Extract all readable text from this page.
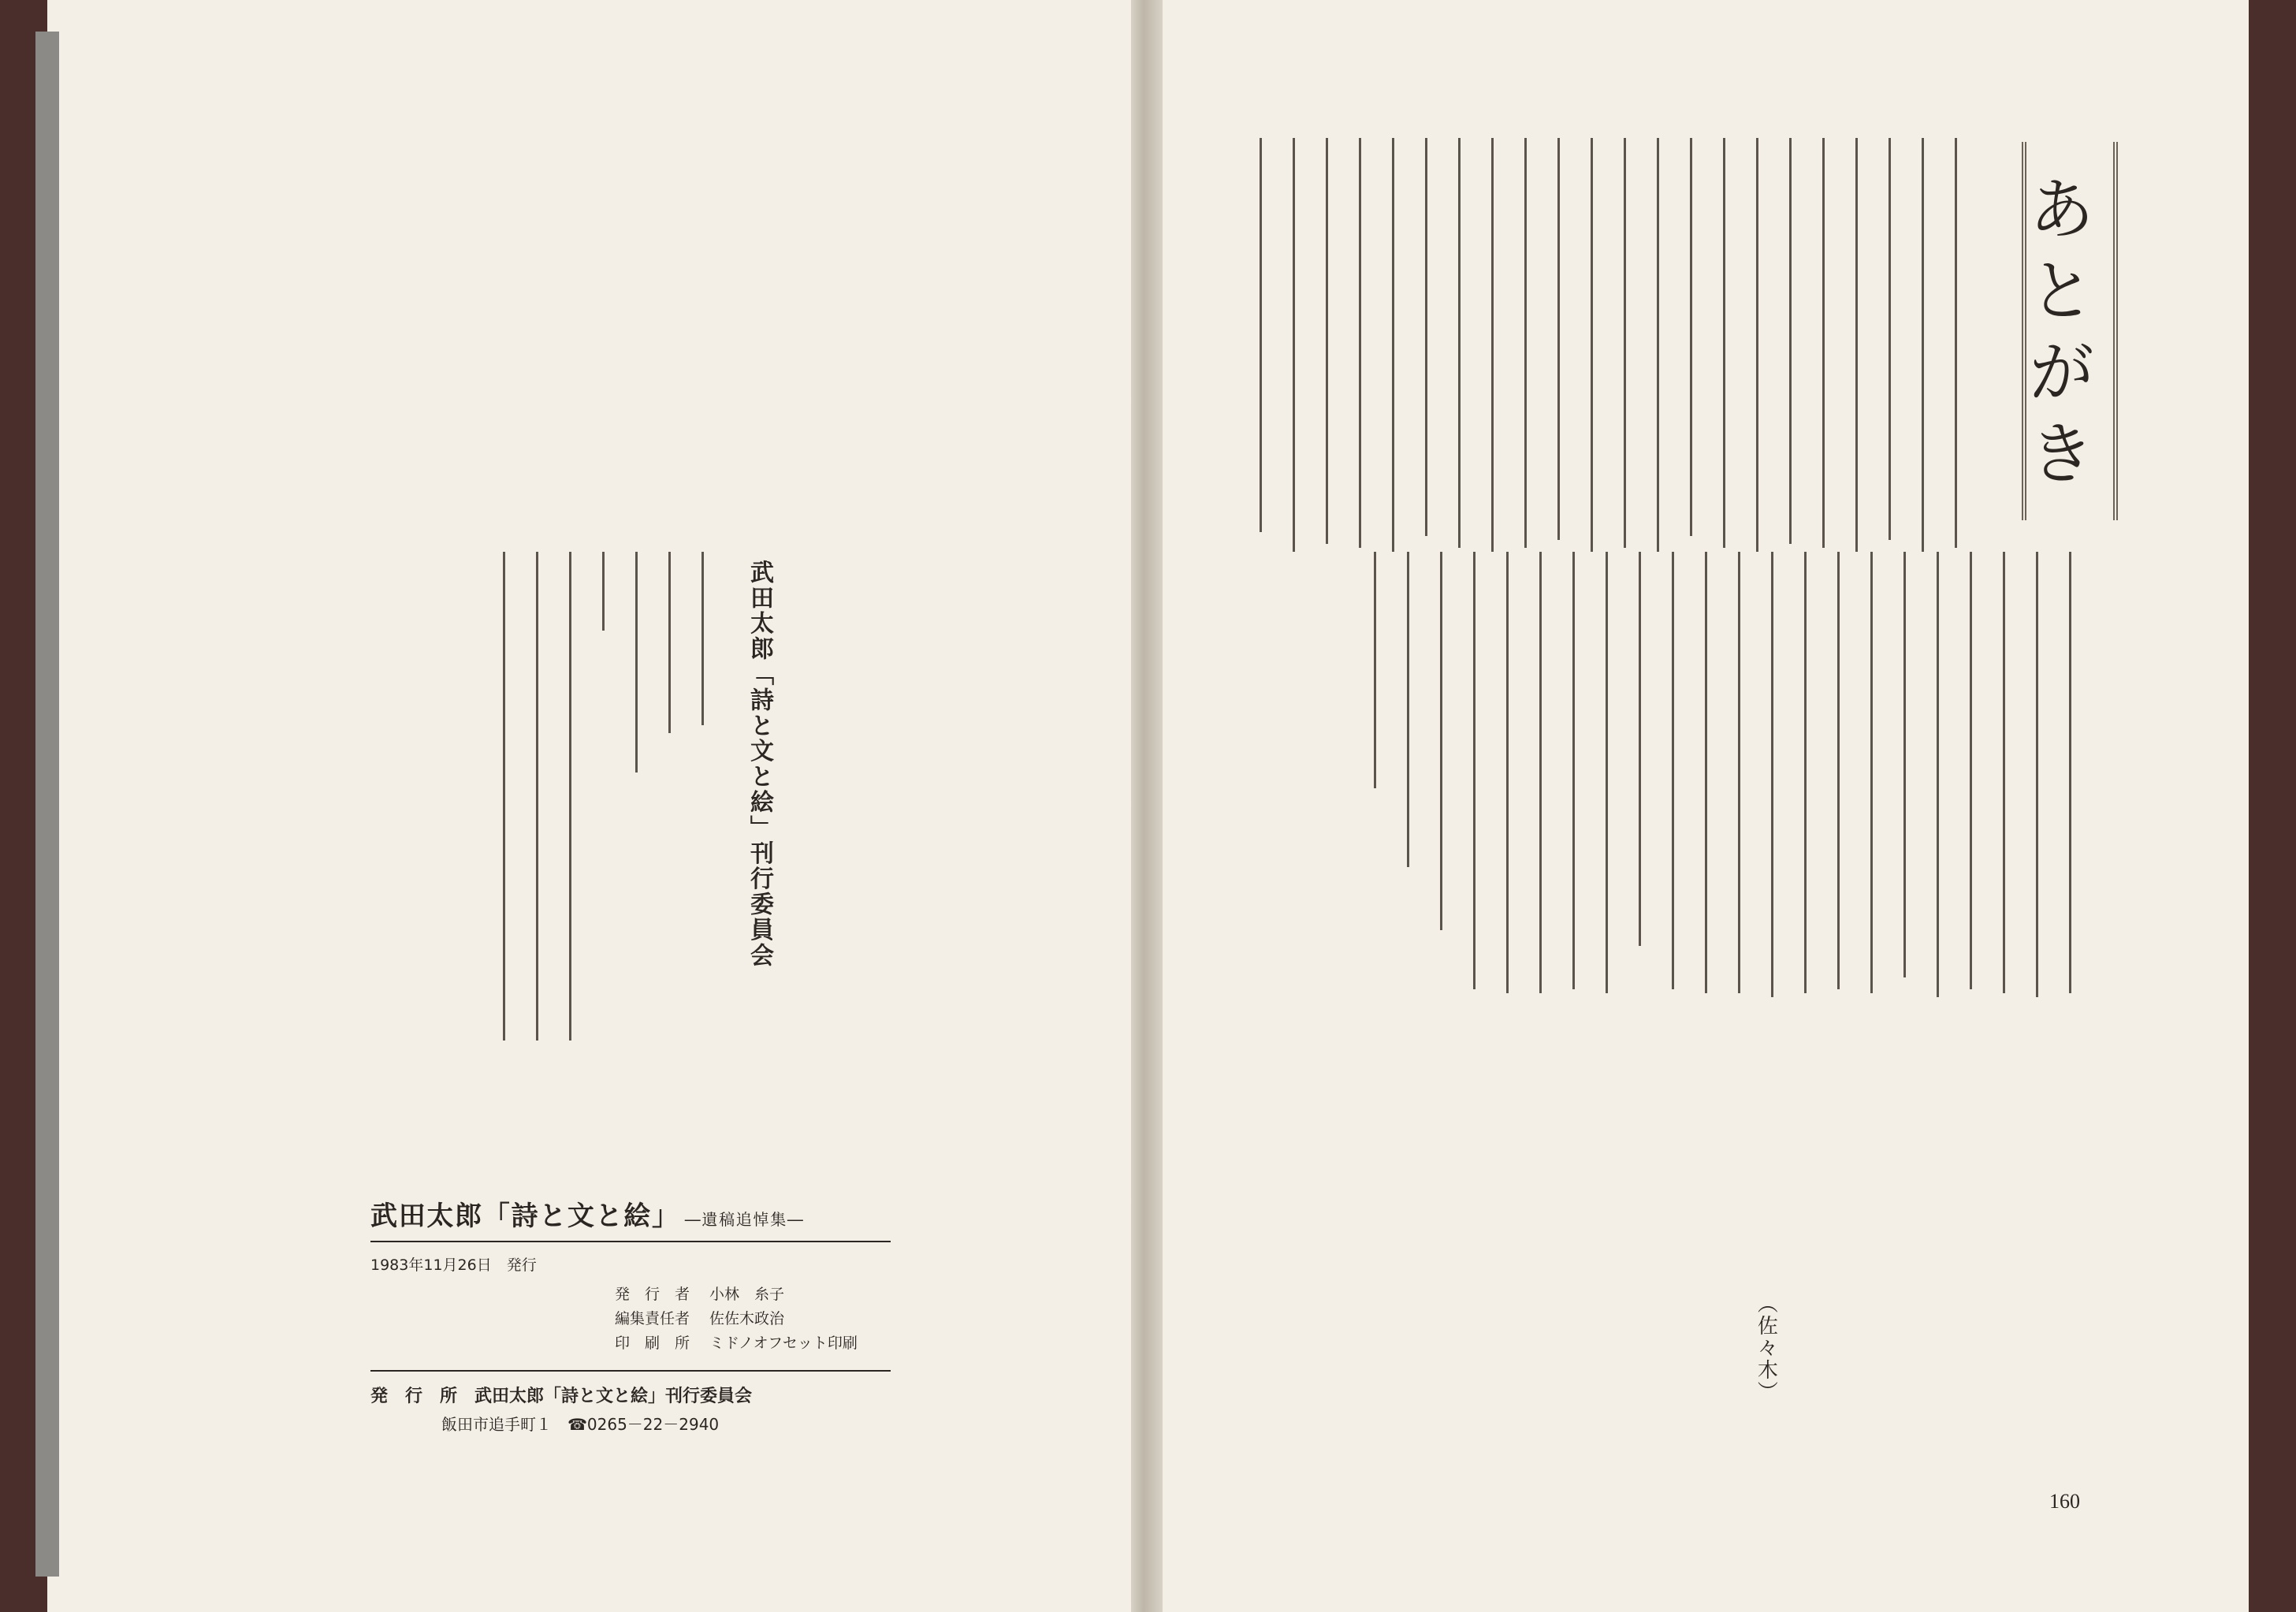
あとがき
（佐々木）
160
武田太郎「詩と文と絵」刊行委員会
武田太郎「詩と文と絵」 ―遺稿追悼集―
1983年11月26日　発行
発　行　者 小林　糸子
編集責任者 佐佐木政治
印　刷　所 ミドノオフセット印刷
発　行　所　 武田太郎「詩と文と絵」刊行委員会
飯田市追手町１　☎0265－22－2940
